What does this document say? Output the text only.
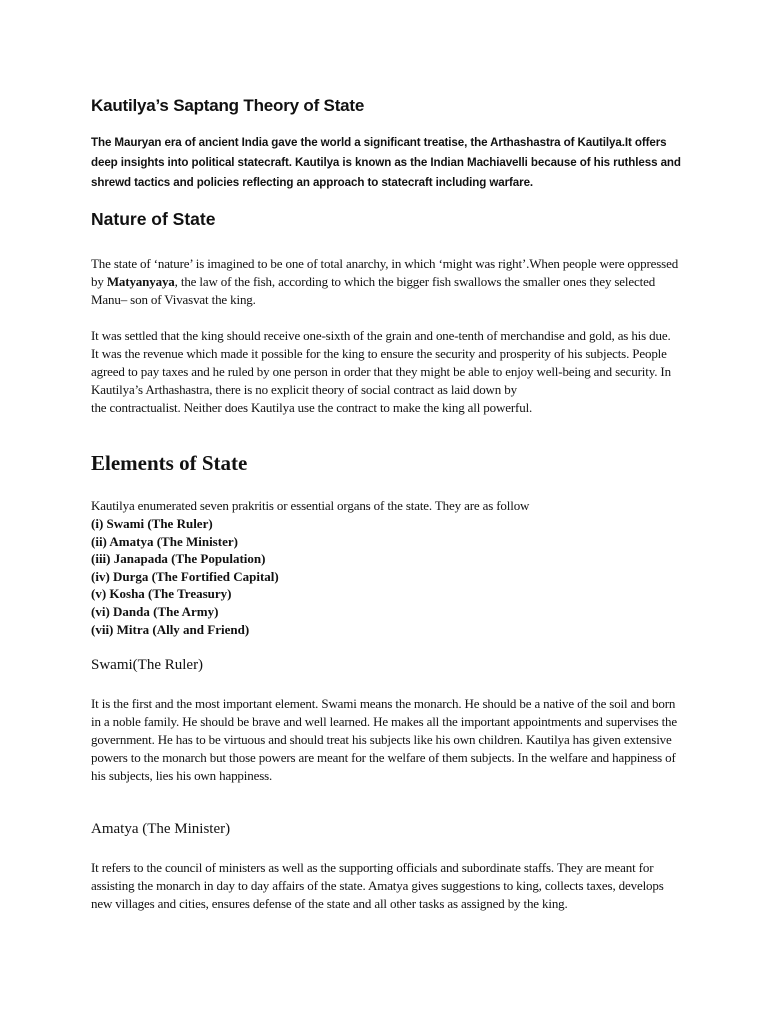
Kautilya’s Saptang Theory of State

The Mauryan era of ancient India gave the world a significant treatise, the Arthashastra of Kautilya.It offers deep insights into political statecraft. Kautilya is known as the Indian Machiavelli because of his ruthless and shrewd tactics and policies reflecting an approach to statecraft including warfare.

Nature of State

The state of ‘nature’ is imagined to be one of total anarchy, in which ‘might was right’.When people were oppressed by Matyanyaya, the law of the fish, according to which the bigger fish swallows the smaller ones they selected Manu– son of Vivasvat the king.

It was settled that the king should receive one-sixth of the grain and one-tenth of merchandise and gold, as his due. It was the revenue which made it possible for the king to ensure the security and prosperity of his subjects. People agreed to pay taxes and he ruled by one person in order that they might be able to enjoy well-being and security. In Kautilya’s Arthashastra, there is no explicit theory of social contract as laid down by
the contractualist. Neither does Kautilya use the contract to make the king all powerful.

Elements of State

Kautilya enumerated seven prakritis or essential organs of the state. They are as follow

(i) Swami (The Ruler)
(ii) Amatya (The Minister)
(iii) Janapada (The Population)
(iv) Durga (The Fortified Capital)
(v) Kosha (The Treasury)
(vi) Danda (The Army)
(vii) Mitra (Ally and Friend)
Swami(The Ruler)

It is the first and the most important element. Swami means the monarch. He should be a native of the soil and born in a noble family. He should be brave and well learned. He makes all the important appointments and supervises the government. He has to be virtuous and should treat his subjects like his own children. Kautilya has given extensive powers to the monarch but those powers are meant for the welfare of them subjects. In the welfare and happiness of his subjects, lies his own happiness.

Amatya (The Minister)

It refers to the council of ministers as well as the supporting officials and subordinate staffs. They are meant for assisting the monarch in day to day affairs of the state. Amatya gives suggestions to king, collects taxes, develops new villages and cities, ensures defense of the state and all other tasks as assigned by the king.
